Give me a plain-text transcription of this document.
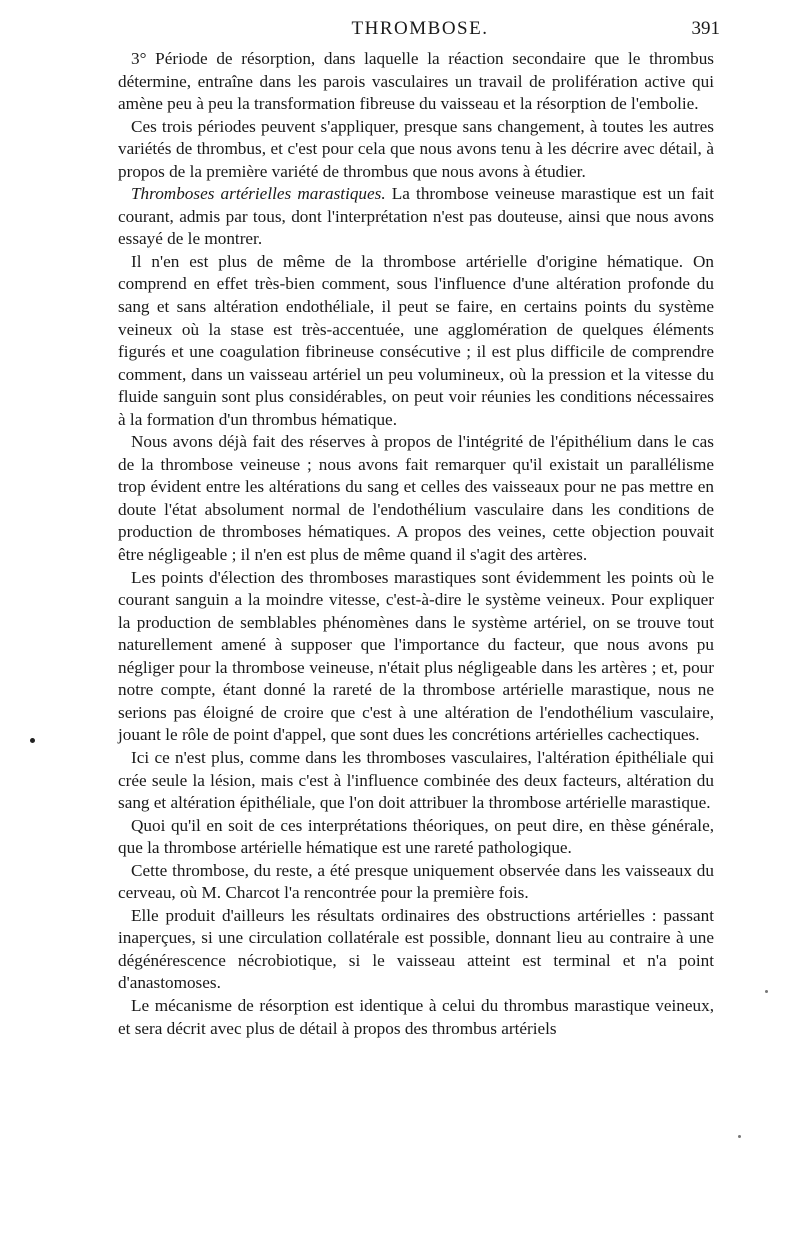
THROMBOSE.	391

3° Période de résorption, dans laquelle la réaction secondaire que le thrombus détermine, entraîne dans les parois vasculaires un travail de prolifération active qui amène peu à peu la transformation fibreuse du vaisseau et la résorption de l'embolie.

Ces trois périodes peuvent s'appliquer, presque sans changement, à toutes les autres variétés de thrombus, et c'est pour cela que nous avons tenu à les décrire avec détail, à propos de la première variété de thrombus que nous avons à étudier.

Thromboses artérielles marastiques. La thrombose veineuse marastique est un fait courant, admis par tous, dont l'interprétation n'est pas douteuse, ainsi que nous avons essayé de le montrer.

Il n'en est plus de même de la thrombose artérielle d'origine hématique. On comprend en effet très-bien comment, sous l'influence d'une altération profonde du sang et sans altération endothéliale, il peut se faire, en certains points du système veineux où la stase est très-accentuée, une agglomération de quelques éléments figurés et une coagulation fibrineuse consécutive ; il est plus difficile de comprendre comment, dans un vaisseau artériel un peu volumineux, où la pression et la vitesse du fluide sanguin sont plus considérables, on peut voir réunies les conditions nécessaires à la formation d'un thrombus hématique.

Nous avons déjà fait des réserves à propos de l'intégrité de l'épithélium dans le cas de la thrombose veineuse ; nous avons fait remarquer qu'il existait un parallélisme trop évident entre les altérations du sang et celles des vaisseaux pour ne pas mettre en doute l'état absolument normal de l'endothélium vasculaire dans les conditions de production de thromboses hématiques. A propos des veines, cette objection pouvait être négligeable ; il n'en est plus de même quand il s'agit des artères.

Les points d'élection des thromboses marastiques sont évidemment les points où le courant sanguin a la moindre vitesse, c'est-à-dire le système veineux. Pour expliquer la production de semblables phénomènes dans le système artériel, on se trouve tout naturellement amené à supposer que l'importance du facteur, que nous avons pu négliger pour la thrombose veineuse, n'était plus négligeable dans les artères ; et, pour notre compte, étant donné la rareté de la thrombose artérielle marastique, nous ne serions pas éloigné de croire que c'est à une altération de l'endothélium vasculaire, jouant le rôle de point d'appel, que sont dues les concrétions artérielles cachectiques.

Ici ce n'est plus, comme dans les thromboses vasculaires, l'altération épithéliale qui crée seule la lésion, mais c'est à l'influence combinée des deux facteurs, altération du sang et altération épithéliale, que l'on doit attribuer la thrombose artérielle marastique.

Quoi qu'il en soit de ces interprétations théoriques, on peut dire, en thèse générale, que la thrombose artérielle hématique est une rareté pathologique.

Cette thrombose, du reste, a été presque uniquement observée dans les vaisseaux du cerveau, où M. Charcot l'a rencontrée pour la première fois.

Elle produit d'ailleurs les résultats ordinaires des obstructions artérielles : passant inaperçues, si une circulation collatérale est possible, donnant lieu au contraire à une dégénérescence nécrobiotique, si le vaisseau atteint est terminal et n'a point d'anastomoses.

Le mécanisme de résorption est identique à celui du thrombus marastique veineux, et sera décrit avec plus de détail à propos des thrombus artériels
